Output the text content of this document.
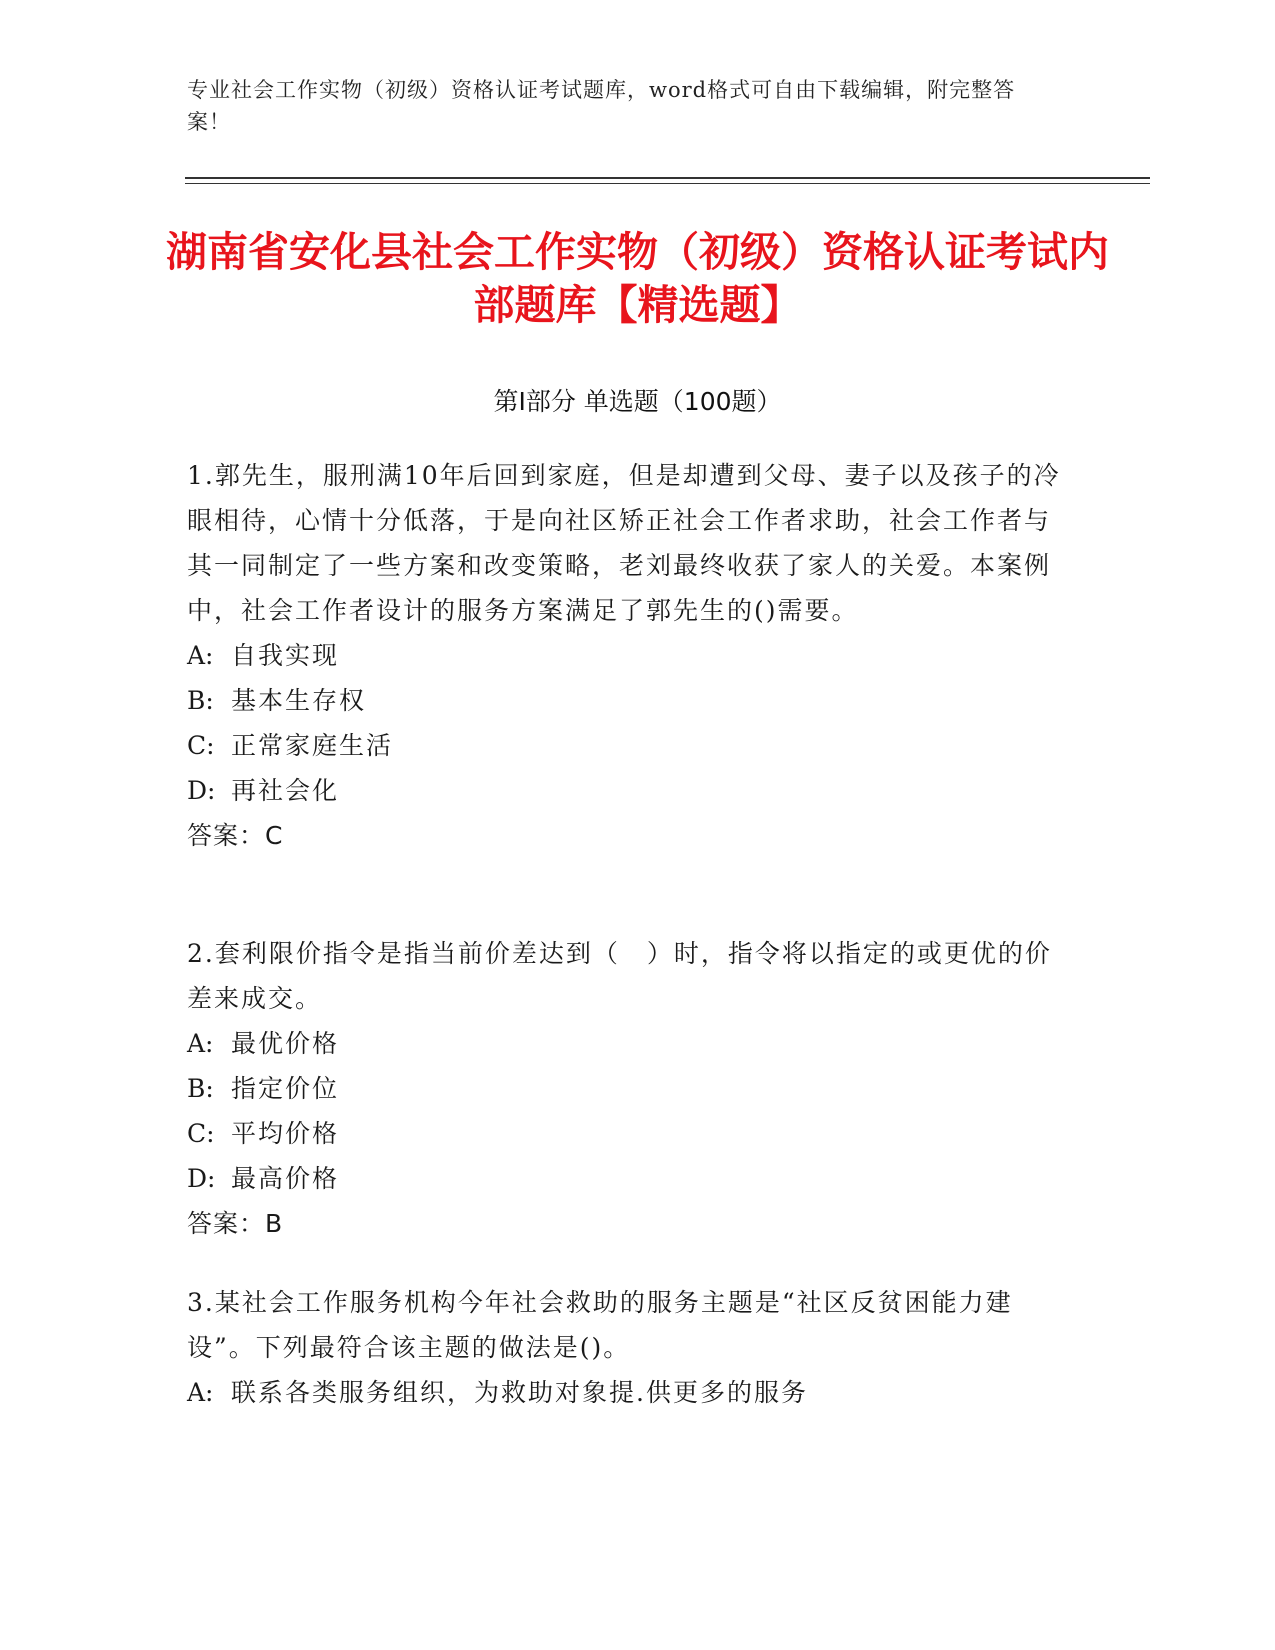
专业社会工作实物（初级）资格认证考试题库，word格式可自由下载编辑，附完整答案！
湖南省安化县社会工作实物（初级）资格认证考试内部题库【精选题】
第Ⅰ部分 单选题（100题）

1.郭先生，服刑满10年后回到家庭，但是却遭到父母、妻子以及孩子的冷眼相待，心情十分低落，于是向社区矫正社会工作者求助，社会工作者与其一同制定了一些方案和改变策略，老刘最终收获了家人的关爱。本案例中，社会工作者设计的服务方案满足了郭先生的()需要。

A: 自我实现

B: 基本生存权

C: 正常家庭生活

D: 再社会化

答案：C

2.套利限价指令是指当前价差达到（　）时，指令将以指定的或更优的价差来成交。

A: 最优价格

B: 指定价位

C: 平均价格

D: 最高价格

答案：B

3.某社会工作服务机构今年社会救助的服务主题是“社区反贫困能力建设”。下列最符合该主题的做法是()。

A: 联系各类服务组织，为救助对象提.供更多的服务
